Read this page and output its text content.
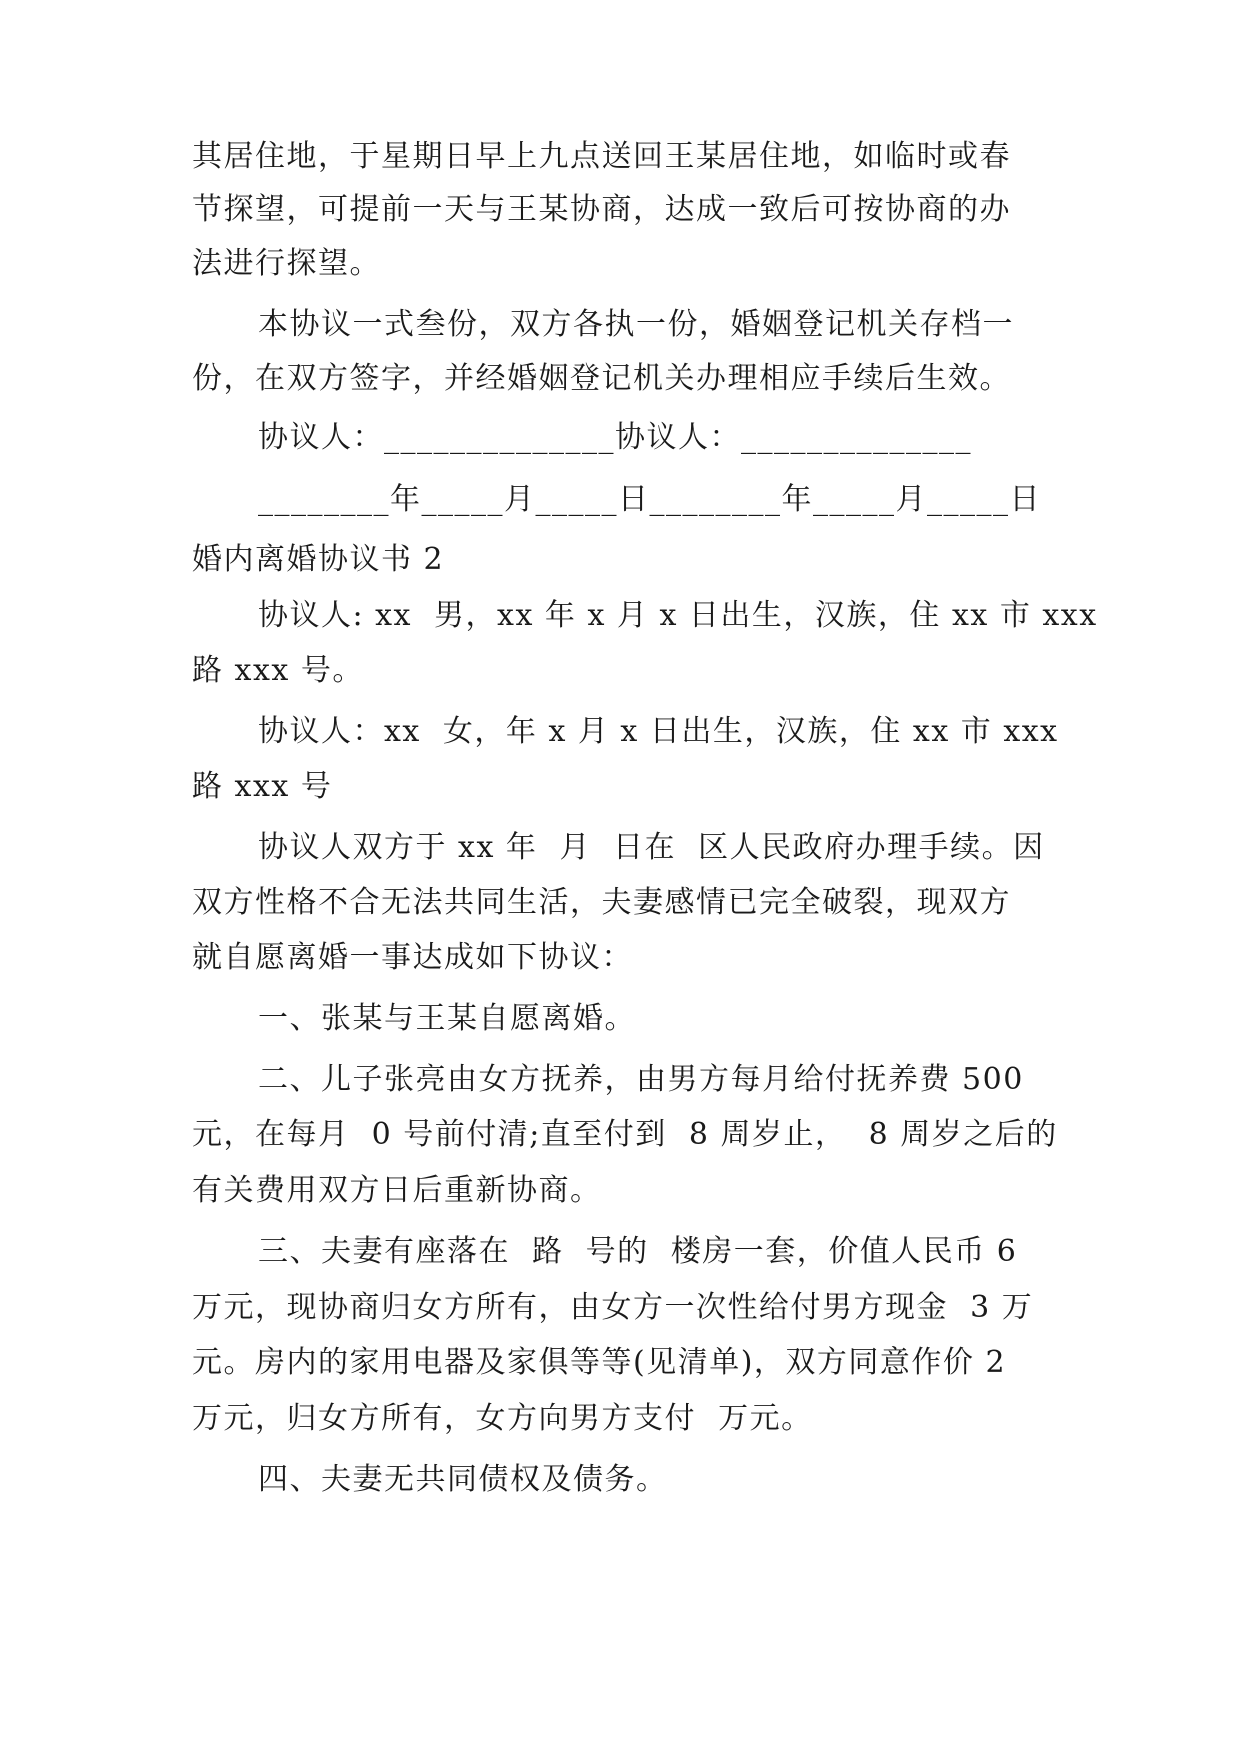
其居住地，于星期日早上九点送回王某居住地，如临时或春
节探望，可提前一天与王某协商，达成一致后可按协商的办
法进行探望。
本协议一式叁份，双方各执一份，婚姻登记机关存档一
份，在双方签字，并经婚姻登记机关办理相应手续后生效。
协议人：______________协议人：______________
________年_____月_____日________年_____月_____日
婚内离婚协议书 2
协议人: xx  男，xx 年 x 月 x 日出生，汉族，住 xx 市 xxx
路 xxx 号。
协议人：xx  女，年 x 月 x 日出生，汉族，住 xx 市 xxx
路 xxx 号
协议人双方于 xx 年  月  日在  区人民政府办理手续。因
双方性格不合无法共同生活，夫妻感情已完全破裂，现双方
就自愿离婚一事达成如下协议：
一、张某与王某自愿离婚。
二、儿子张亮由女方抚养，由男方每月给付抚养费 500
元，在每月  0 号前付清;直至付到  8 周岁止，  8 周岁之后的
有关费用双方日后重新协商。
三、夫妻有座落在  路  号的  楼房一套，价值人民币 6
万元，现协商归女方所有，由女方一次性给付男方现金  3 万
元。房内的家用电器及家俱等等(见清单)，双方同意作价 2
万元，归女方所有，女方向男方支付  万元。
四、夫妻无共同债权及债务。
